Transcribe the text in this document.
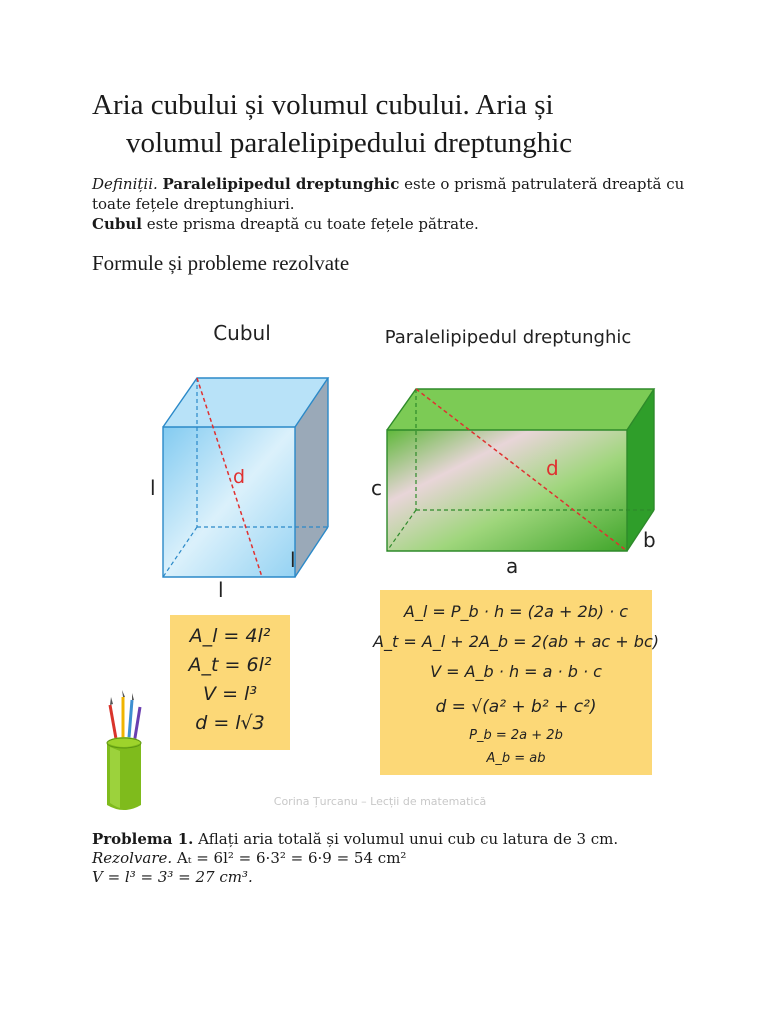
Aria cubului și volumul cubului. Aria și

volumul paralelipipedului dreptunghic

Definiții. Paralelipipedul dreptunghic este o prismă patrulateră dreaptă cu toate fețele dreptunghiuri.

Cubul este prisma dreaptă cu toate fețele pătrate.

Formule și probleme rezolvate
Cubul	Paralelipipedul dreptunghic
l
l
l
d	c
d
b
a
A_l = 4l²
A_t = 6l²
V = l³
d = l√3
A_l = P_b · h = (2a + 2b) · c
A_t = A_l + 2A_b = 2(ab + ac + bc)
V = A_b · h = a · b · c
d = √(a² + b² + c²)
P_b = 2a + 2b
A_b = ab
Corina Țurcanu – Lecții de matematică

Problema 1. Aflați aria totală și volumul unui cub cu latura de 3 cm.

Rezolvare. Aₜ = 6l² = 6·3² = 6·9 = 54 cm²

V = l³ = 3³ = 27 cm³.
